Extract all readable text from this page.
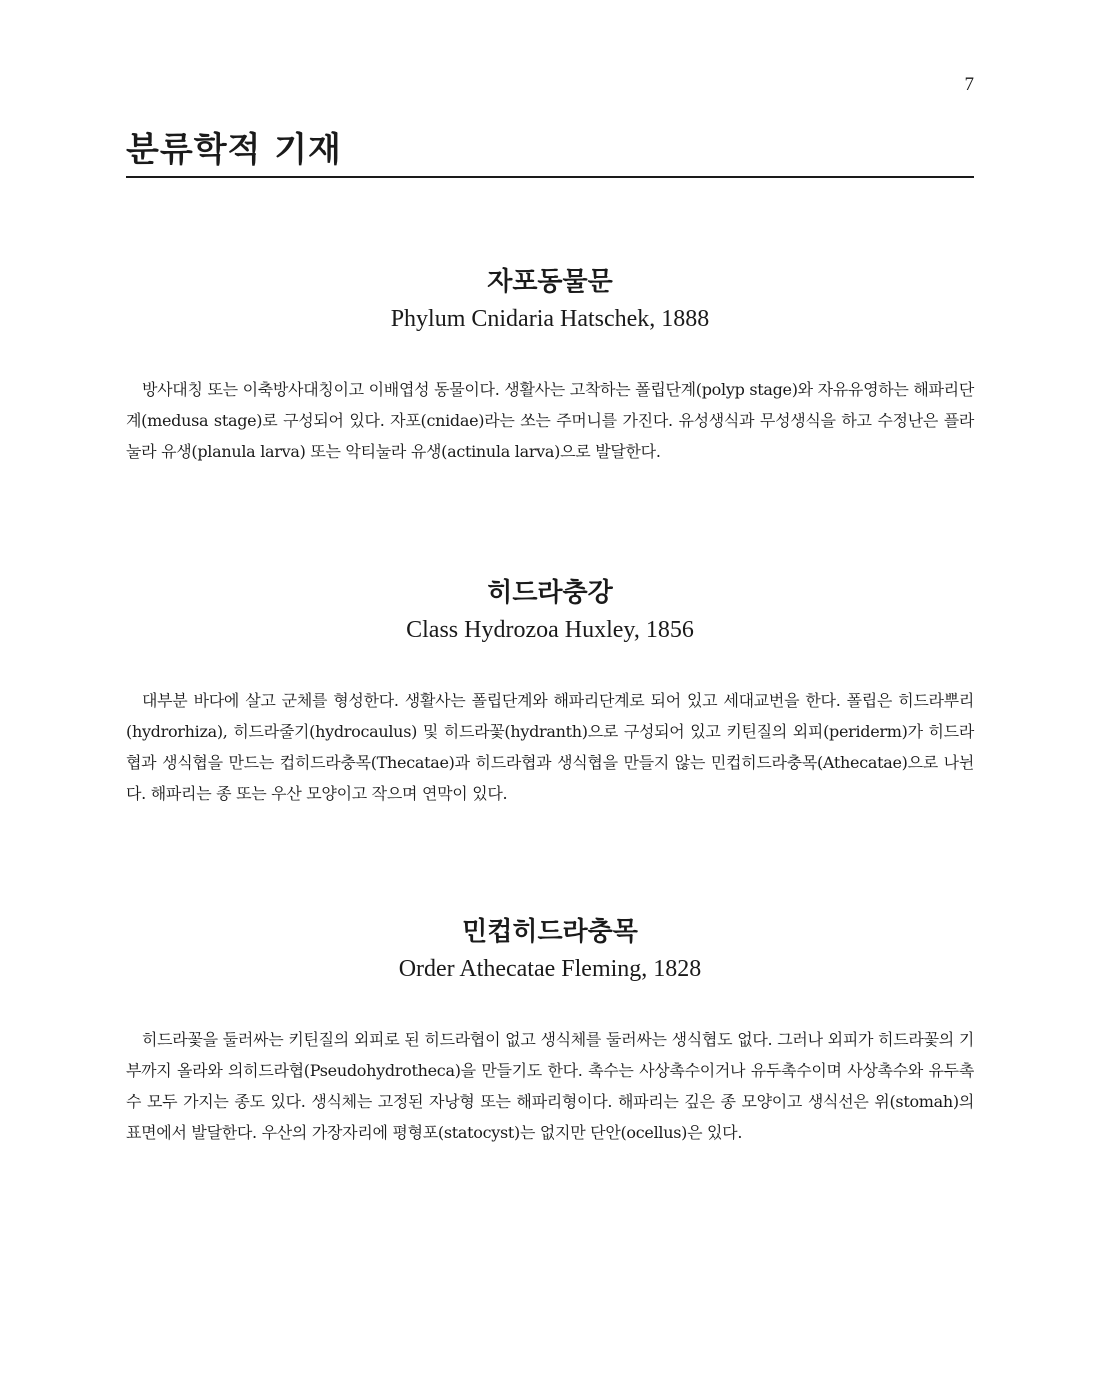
7
분류학적 기재
자포동물문
Phylum Cnidaria Hatschek, 1888

방사대칭 또는 이축방사대칭이고 이배엽성 동물이다. 생활사는 고착하는 폴립단계(polyp stage)와 자유유영하는 해파리단계(medusa stage)로 구성되어 있다. 자포(cnidae)라는 쏘는 주머니를 가진다. 유성생식과 무성생식을 하고 수정난은 플라눌라 유생(planula larva) 또는 악티눌라 유생(actinula larva)으로 발달한다.

히드라충강
Class Hydrozoa Huxley, 1856

대부분 바다에 살고 군체를 형성한다. 생활사는 폴립단계와 해파리단계로 되어 있고 세대교번을 한다. 폴립은 히드라뿌리(hydrorhiza), 히드라줄기(hydrocaulus) 및 히드라꽃(hydranth)으로 구성되어 있고 키틴질의 외피(periderm)가 히드라협과 생식협을 만드는 컵히드라충목(Thecatae)과 히드라협과 생식협을 만들지 않는 민컵히드라충목(Athecatae)으로 나뉜다. 해파리는 종 또는 우산 모양이고 작으며 연막이 있다.

민컵히드라충목
Order Athecatae Fleming, 1828

히드라꽃을 둘러싸는 키틴질의 외피로 된 히드라협이 없고 생식체를 둘러싸는 생식협도 없다. 그러나 외피가 히드라꽃의 기부까지 올라와 의히드라협(Pseudohydrotheca)을 만들기도 한다. 촉수는 사상촉수이거나 유두촉수이며 사상촉수와 유두촉수 모두 가지는 종도 있다. 생식체는 고정된 자낭형 또는 해파리형이다. 해파리는 깊은 종 모양이고 생식선은 위(stomah)의 표면에서 발달한다. 우산의 가장자리에 평형포(statocyst)는 없지만 단안(ocellus)은 있다.
